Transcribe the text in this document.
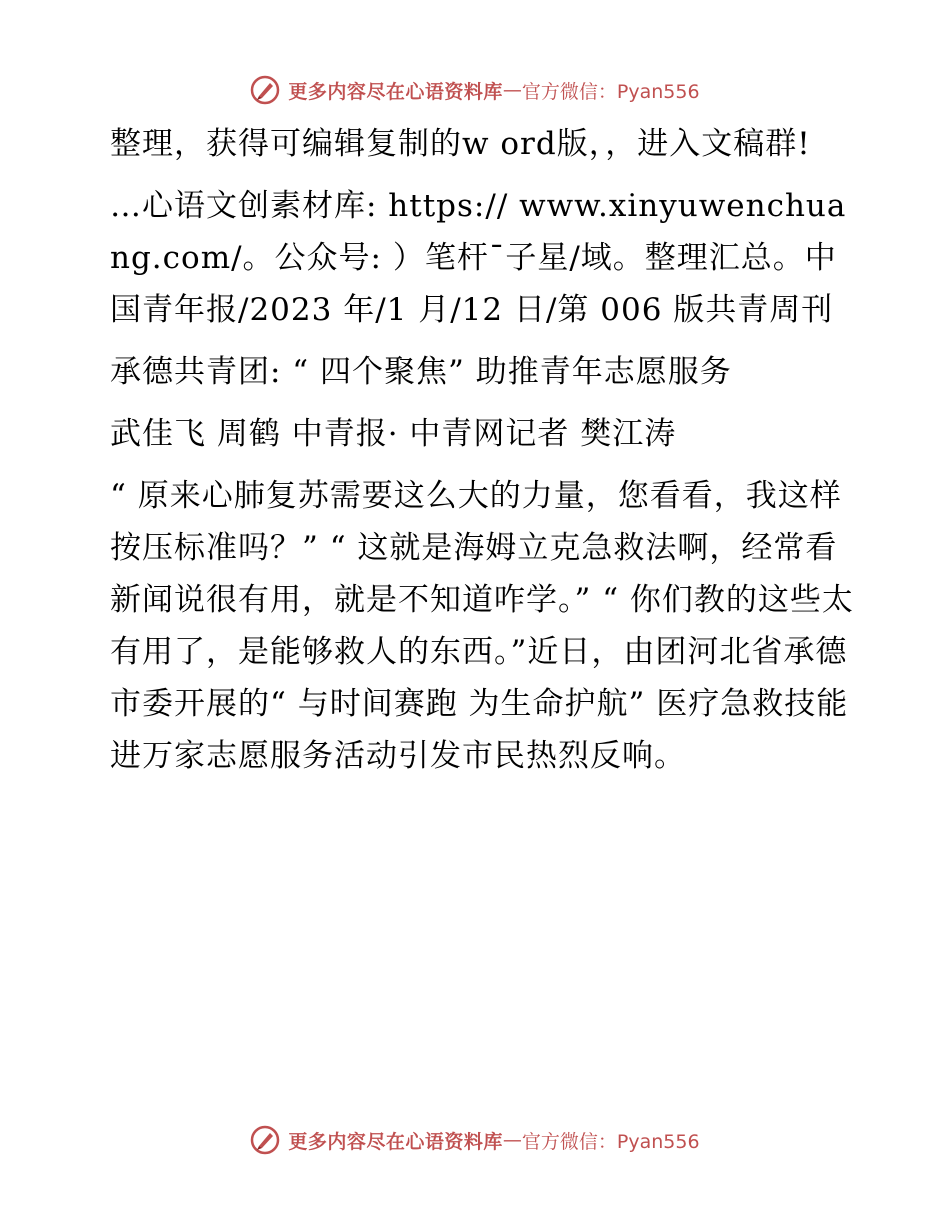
更多内容尽在心语资料库 — 官方微信：Pyan556

整理，获得可编辑复制的w ord版，，进入文稿群!

…心语文创素材库: https:// www.xinyuwenchuang.com/。公众号: ）笔杆¯子星/域。整理汇总。中国青年报/2023 年/1 月/12 日/第 006 版共青周刊

承德共青团: “ 四个聚焦” 助推青年志愿服务

武佳飞 周鹤 中青报· 中青网记者 樊江涛

“ 原来心肺复苏需要这么大的力量，您看看，我这样按压标准吗？” “ 这就是海姆立克急救法啊，经常看新闻说很有用，就是不知道咋学。” “ 你们教的这些太有用了，是能够救人的东西。”近日，由团河北省承德市委开展的“ 与时间赛跑 为生命护航” 医疗急救技能进万家志愿服务活动引发市民热烈反响。

更多内容尽在心语资料库 — 官方微信：Pyan556
